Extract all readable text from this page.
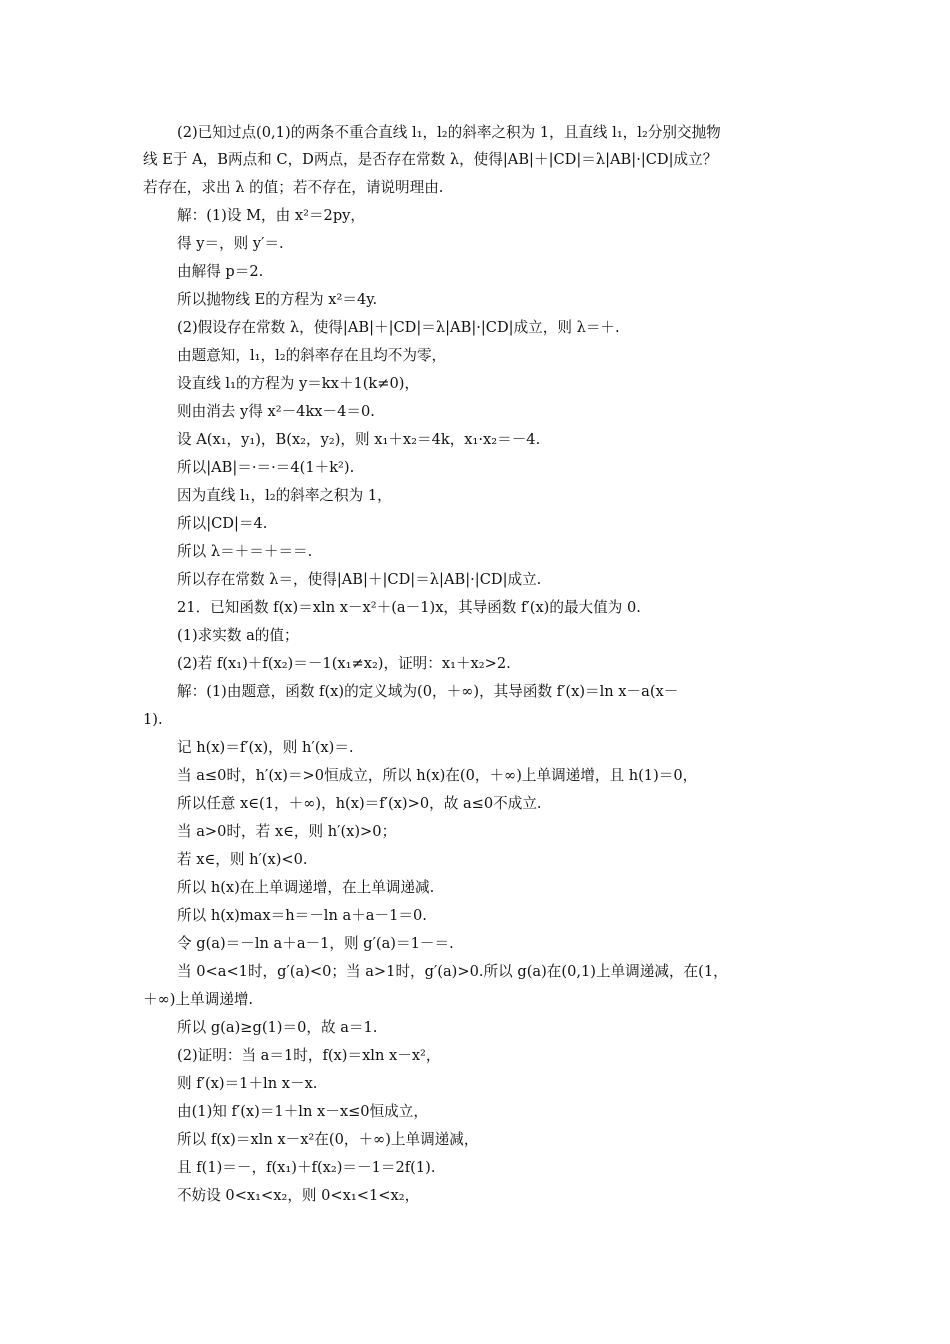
(2)已知过点(0,1)的两条不重合直线 l₁，l₂的斜率之积为 1，且直线 l₁，l₂分别交抛物
线 E于 A，B两点和 C，D两点，是否存在常数 λ，使得|AB|＋|CD|＝λ|AB|·|CD|成立？
若存在，求出 λ 的值；若不存在，请说明理由.
解：(1)设 M，由 x²＝2py，
得 y＝，则 y′＝.
由解得 p＝2.
所以抛物线 E的方程为 x²＝4y.
(2)假设存在常数 λ，使得|AB|＋|CD|＝λ|AB|·|CD|成立，则 λ＝＋.
由题意知，l₁，l₂的斜率存在且均不为零，
设直线 l₁的方程为 y＝kx＋1(k≠0)，
则由消去 y得 x²－4kx－4＝0.
设 A(x₁，y₁)，B(x₂，y₂)，则 x₁＋x₂＝4k，x₁·x₂＝－4.
所以|AB|＝·＝·＝4(1＋k²).
因为直线 l₁，l₂的斜率之积为 1，
所以|CD|＝4.
所以 λ＝＋＝＋＝＝.
所以存在常数 λ＝，使得|AB|＋|CD|＝λ|AB|·|CD|成立.
21．已知函数 f(x)＝xln x－x²＋(a－1)x，其导函数 f′(x)的最大值为 0.
(1)求实数 a的值；
(2)若 f(x₁)＋f(x₂)＝－1(x₁≠x₂)，证明：x₁＋x₂>2.
解：(1)由题意，函数 f(x)的定义域为(0，＋∞)，其导函数 f′(x)＝ln x－a(x－
1).
记 h(x)＝f′(x)，则 h′(x)＝.
当 a≤0时，h′(x)＝>0恒成立，所以 h(x)在(0，＋∞)上单调递增，且 h(1)＝0，
所以任意 x∈(1，＋∞)，h(x)＝f′(x)>0，故 a≤0不成立.
当 a>0时，若 x∈，则 h′(x)>0；
若 x∈，则 h′(x)<0.
所以 h(x)在上单调递增，在上单调递减.
所以 h(x)max＝h＝－ln a＋a－1＝0.
令 g(a)＝－ln a＋a－1，则 g′(a)＝1－＝.
当 0<a<1时，g′(a)<0；当 a>1时，g′(a)>0.所以 g(a)在(0,1)上单调递减，在(1，
＋∞)上单调递增.
所以 g(a)≥g(1)＝0，故 a＝1.
(2)证明：当 a＝1时，f(x)＝xln x－x²，
则 f′(x)＝1＋ln x－x.
由(1)知 f′(x)＝1＋ln x－x≤0恒成立，
所以 f(x)＝xln x－x²在(0，＋∞)上单调递减，
且 f(1)＝－，f(x₁)＋f(x₂)＝－1＝2f(1).
不妨设 0<x₁<x₂，则 0<x₁<1<x₂，
